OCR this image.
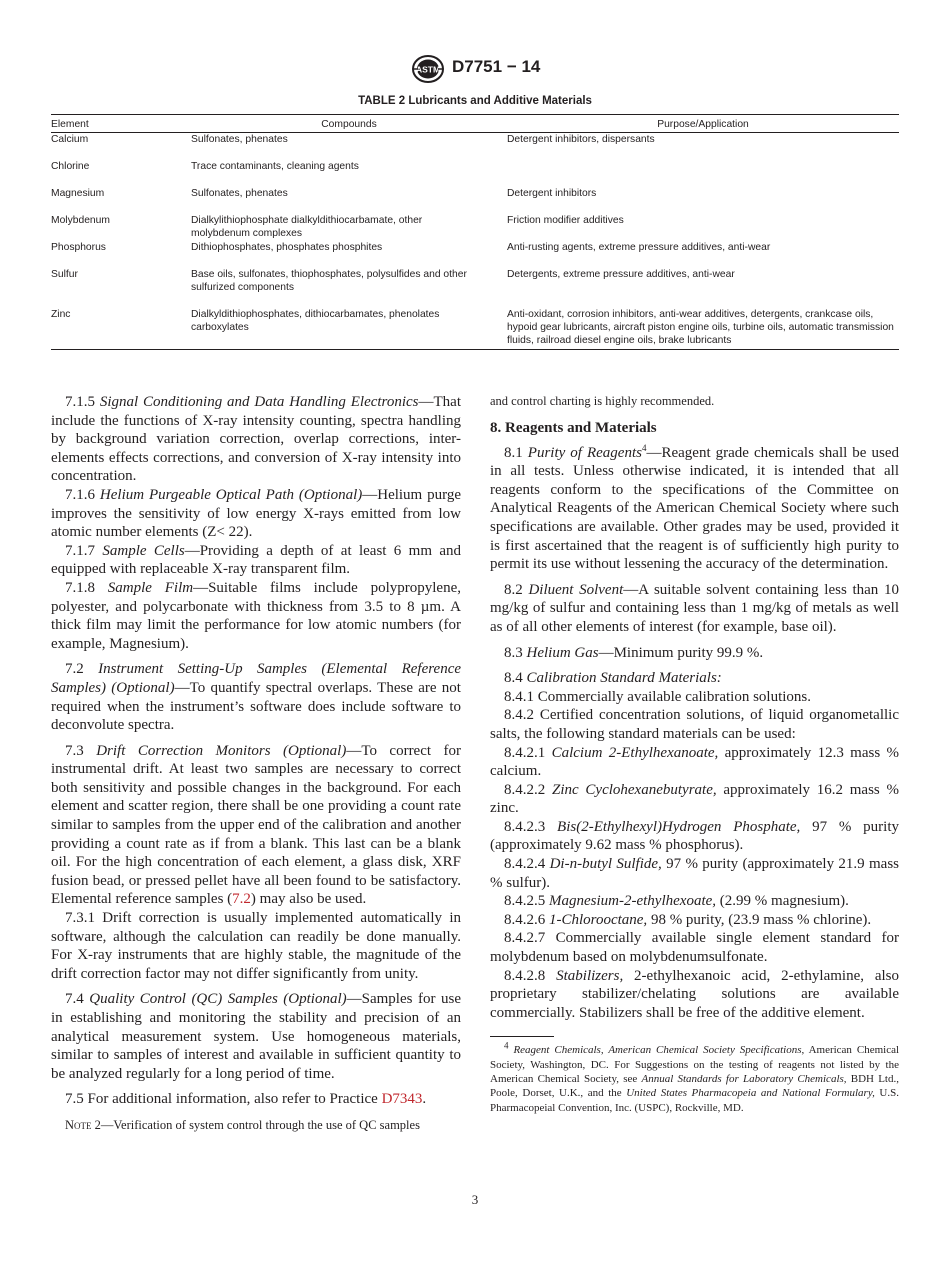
ASTM D7751 − 14
TABLE 2 Lubricants and Additive Materials
Element	Compounds	Purpose/Application
Calcium	Sulfonates, phenates	Detergent inhibitors, dispersants
Chlorine	Trace contaminants, cleaning agents	
Magnesium	Sulfonates, phenates	Detergent inhibitors
Molybdenum	Dialkylithiophosphate dialkyldithiocarbamate, other molybdenum complexes	Friction modifier additives
Phosphorus	Dithiophosphates, phosphates phosphites	Anti-rusting agents, extreme pressure additives, anti-wear
Sulfur	Base oils, sulfonates, thiophosphates, polysulfides and other sulfurized components	Detergents, extreme pressure additives, anti-wear
Zinc	Dialkyldithiophosphates, dithiocarbamates, phenolates carboxylates	Anti-oxidant, corrosion inhibitors, anti-wear additives, detergents, crankcase oils, hypoid gear lubricants, aircraft piston engine oils, turbine oils, automatic transmission fluids, railroad diesel engine oils, brake lubricants

7.1.5 Signal Conditioning and Data Handling Electronics—That include the functions of X-ray intensity counting, spectra handling by background variation correction, overlap corrections, inter-elements effects corrections, and conversion of X-ray intensity into concentration.

7.1.6 Helium Purgeable Optical Path (Optional)—Helium purge improves the sensitivity of low energy X-rays emitted from low atomic number elements (Z< 22).

7.1.7 Sample Cells—Providing a depth of at least 6 mm and equipped with replaceable X-ray transparent film.

7.1.8 Sample Film—Suitable films include polypropylene, polyester, and polycarbonate with thickness from 3.5 to 8 µm. A thick film may limit the performance for low atomic numbers (for example, Magnesium).

7.2 Instrument Setting-Up Samples (Elemental Reference Samples) (Optional)—To quantify spectral overlaps. These are not required when the instrument’s software does include software to deconvolute spectra.

7.3 Drift Correction Monitors (Optional)—To correct for instrumental drift. At least two samples are necessary to correct both sensitivity and possible changes in the background. For each element and scatter region, there shall be one providing a count rate similar to samples from the upper end of the calibration and another providing a count rate as if from a blank. This last can be a blank oil. For the high concentration of each element, a glass disk, XRF fusion bead, or pressed pellet have all been found to be satisfactory. Elemental reference samples (7.2) may also be used.

7.3.1 Drift correction is usually implemented automatically in software, although the calculation can readily be done manually. For X-ray instruments that are highly stable, the magnitude of the drift correction factor may not differ significantly from unity.

7.4 Quality Control (QC) Samples (Optional)—Samples for use in establishing and monitoring the stability and precision of an analytical measurement system. Use homogeneous materials, similar to samples of interest and available in sufficient quantity to be analyzed regularly for a long period of time.

7.5 For additional information, also refer to Practice D7343.

Note 2—Verification of system control through the use of QC samples

and control charting is highly recommended.

8. Reagents and Materials

8.1 Purity of Reagents$^4$—Reagent grade chemicals shall be used in all tests. Unless otherwise indicated, it is intended that all reagents conform to the specifications of the Committee on Analytical Reagents of the American Chemical Society where such specifications are available. Other grades may be used, provided it is first ascertained that the reagent is of sufficiently high purity to permit its use without lessening the accuracy of the determination.

8.2 Diluent Solvent—A suitable solvent containing less than 10 mg/kg of sulfur and containing less than 1 mg/kg of metals as well as of all other elements of interest (for example, base oil).

8.3 Helium Gas—Minimum purity 99.9 %.

8.4 Calibration Standard Materials:

8.4.1 Commercially available calibration solutions.

8.4.2 Certified concentration solutions, of liquid organometallic salts, the following standard materials can be used:

8.4.2.1 Calcium 2-Ethylhexanoate, approximately 12.3 mass % calcium.

8.4.2.2 Zinc Cyclohexanebutyrate, approximately 16.2 mass % zinc.

8.4.2.3 Bis(2-Ethylhexyl)Hydrogen Phosphate, 97 % purity (approximately 9.62 mass % phosphorus).

8.4.2.4 Di-n-butyl Sulfide, 97 % purity (approximately 21.9 mass % sulfur).

8.4.2.5 Magnesium-2-ethylhexoate, (2.99 % magnesium).

8.4.2.6 1-Chlorooctane, 98 % purity, (23.9 mass % chlorine).

8.4.2.7 Commercially available single element standard for molybdenum based on molybdenumsulfonate.

8.4.2.8 Stabilizers, 2-ethylhexanoic acid, 2-ethylamine, also proprietary stabilizer/chelating solutions are available commercially. Stabilizers shall be free of the additive element.

$^4$ Reagent Chemicals, American Chemical Society Specifications, American Chemical Society, Washington, DC. For Suggestions on the testing of reagents not listed by the American Chemical Society, see Annual Standards for Laboratory Chemicals, BDH Ltd., Poole, Dorset, U.K., and the United States Pharmacopeia and National Formulary, U.S. Pharmacopeial Convention, Inc. (USPC), Rockville, MD.

3
